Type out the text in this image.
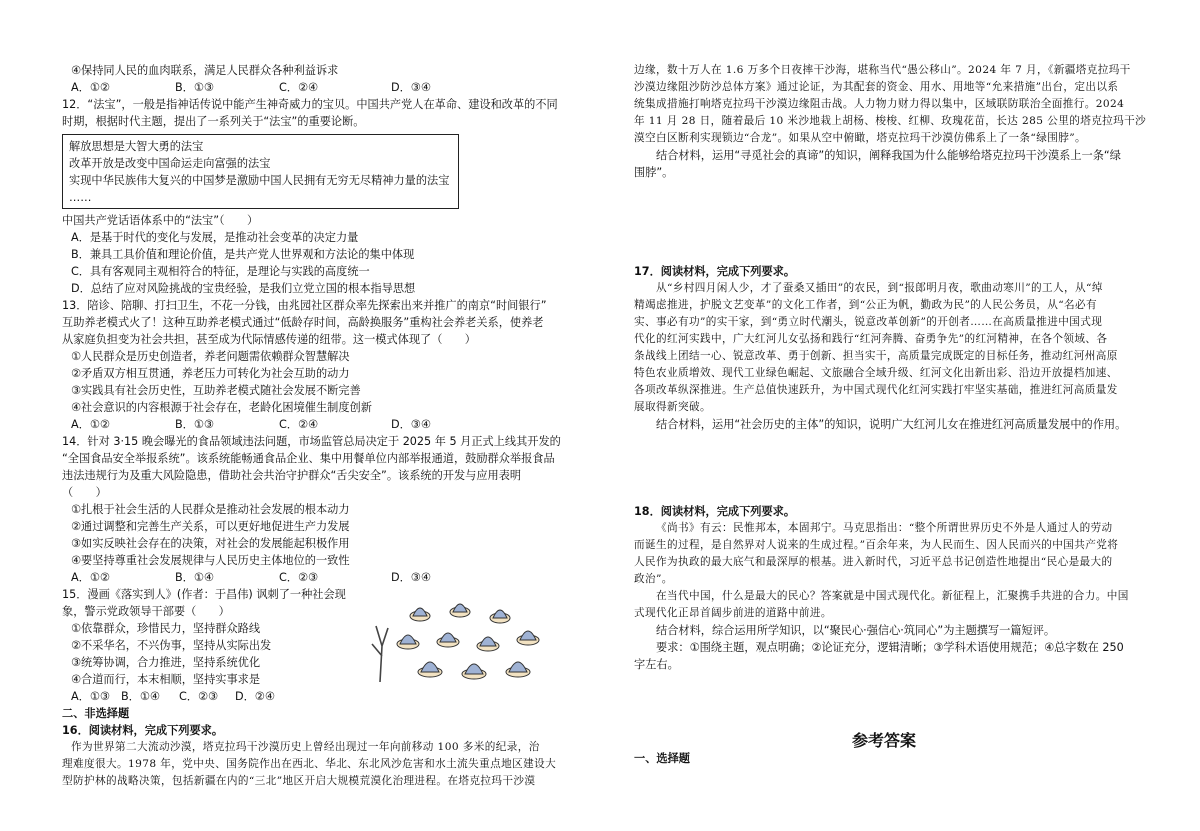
④保持同人民的血肉联系，满足人民群众各种利益诉求
A．①②	B．①③	C．②④	D．③④
12．“法宝”，一般是指神话传说中能产生神奇威力的宝贝。中国共产党人在革命、建设和改革的不同
时期，根据时代主题，提出了一系列关于“法宝”的重要论断。
解放思想是大智大勇的法宝
改革开放是改变中国命运走向富强的法宝
实现中华民族伟大复兴的中国梦是激励中国人民拥有无穷无尽精神力量的法宝
……
中国共产党话语体系中的“法宝”（　　）
A．是基于时代的变化与发展，是推动社会变革的决定力量
B．兼具工具价值和理论价值，是共产党人世界观和方法论的集中体现
C．具有客观同主观相符合的特征，是理论与实践的高度统一
D．总结了应对风险挑战的宝贵经验，是我们立党立国的根本指导思想
13．陪诊、陪聊、打扫卫生，不花一分钱，由兆园社区群众率先探索出来并推广的南京“时间银行”
互助养老模式火了！这种互助养老模式通过“低龄存时间，高龄换服务”重构社会养老关系，使养老
从家庭负担变为社会共担，甚至成为代际情感传递的纽带。这一模式体现了（　　）
①人民群众是历史创造者，养老问题需依赖群众智慧解决
②矛盾双方相互贯通，养老压力可转化为社会互助的动力
③实践具有社会历史性，互助养老模式随社会发展不断完善
④社会意识的内容根源于社会存在，老龄化困境催生制度创新
A．①②	B．①③	C．②④	D．③④
14．针对 3·15 晚会曝光的食品领域违法问题，市场监管总局决定于 2025 年 5 月正式上线其开发的
“全国食品安全举报系统”。该系统能畅通食品企业、集中用餐单位内部举报通道，鼓励群众举报食品
违法违规行为及重大风险隐患，借助社会共治守护群众“舌尖安全”。该系统的开发与应用表明
（　　）
①扎根于社会生活的人民群众是推动社会发展的根本动力
②通过调整和完善生产关系，可以更好地促进生产力发展
③如实反映社会存在的决策，对社会的发展能起积极作用
④要坚持尊重社会发展规律与人民历史主体地位的一致性
A．①②	B．①④	C．②③	D．③④
15．漫画《落实到人》(作者：于昌伟) 讽刺了一种社会现
象，警示党政领导干部要（　　）
①依靠群众，珍惜民力，坚持群众路线
②不采华名，不兴伪事，坚持从实际出发
③统筹协调，合力推进，坚持系统优化
④合道而行，本末相顺，坚持实事求是
A．①③ B．①④	C．②③	D．②④
二、非选择题
16．阅读材料，完成下列要求。
作为世界第二大流动沙漠，塔克拉玛干沙漠历史上曾经出现过一年向前移动 100 多米的纪录，治
理难度很大。1978 年，党中央、国务院作出在西北、华北、东北风沙危害和水土流失重点地区建设大
型防护林的战略决策，包括新疆在内的“三北”地区开启大规模荒漠化治理进程。在塔克拉玛干沙漠
边缘，数十万人在 1.6 万多个日夜摔干沙海，堪称当代“愚公移山”。2024 年 7 月，《新疆塔克拉玛干
沙漠边缘阻沙防沙总体方案》通过论证，为其配套的资金、用水、用地等“允来措施”出台，定出以系
统集成措施打响塔克拉玛干沙漠边缘阻击战。人力物力财力得以集中，区域联防联治全面推行。2024
年 11 月 28 日，随着最后 10 米沙地栽上胡杨、梭梭、红柳、玫瑰花苗，长达 285 公里的塔克拉玛干沙
漠空白区断利实现锁边“合龙”。如果从空中俯瞰，塔克拉玛干沙漠仿佛系上了一条“绿围脖”。
结合材料，运用“寻觅社会的真谛”的知识，阐释我国为什么能够给塔克拉玛干沙漠系上一条“绿
围脖”。
17．阅读材料，完成下列要求。
从“乡村四月闲人少，才了蚕桑又插田”的农民，到“报郎明月夜，歌曲动寒川”的工人，从“绰
精竭虑推进，护脱文艺变革”的文化工作者，到“公正为帆，勤政为民”的人民公务员，从“名必有
实、事必有功”的实干家，到“勇立时代潮头，锐意改革创新”的开创者……在高质量推进中国式现
代化的红河实践中，广大红河儿女弘扬和践行“红河奔腾、奋勇争先”的红河精神，在各个领域、各
条战线上团结一心、锐意改革、勇于创新、担当实干，高质量完成既定的目标任务，推动红河州高原
特色农业质增效、现代工业绿色崛起、文旅融合全域升级、红河文化出新出彩、沿边开放提档加速、
各项改革纵深推进。生产总值快速跃升，为中国式现代化红河实践打牢坚实基础，推进红河高质量发
展取得新突破。
结合材料，运用“社会历史的主体”的知识，说明广大红河儿女在推进红河高质量发展中的作用。
18．阅读材料，完成下列要求。
《尚书》有云：民惟邦本，本固邦宁。马克思指出：“整个所谓世界历史不外是人通过人的劳动
而诞生的过程，是自然界对人说来的生成过程。”百余年来，为人民而生、因人民而兴的中国共产党将
人民作为执政的最大底气和最深厚的根基。进入新时代，习近平总书记创造性地提出“民心是最大的
政治”。
在当代中国，什么是最大的民心？答案就是中国式现代化。新征程上，汇聚携手共进的合力。中国
式现代化正昂首阔步前进的道路中前进。
结合材料，综合运用所学知识，以“聚民心·强信心·筑同心”为主题撰写一篇短评。
要求：①围绕主题，观点明确；②论证充分，逻辑清晰；③学科术语使用规范；④总字数在 250
字左右。
参考答案
一、选择题
